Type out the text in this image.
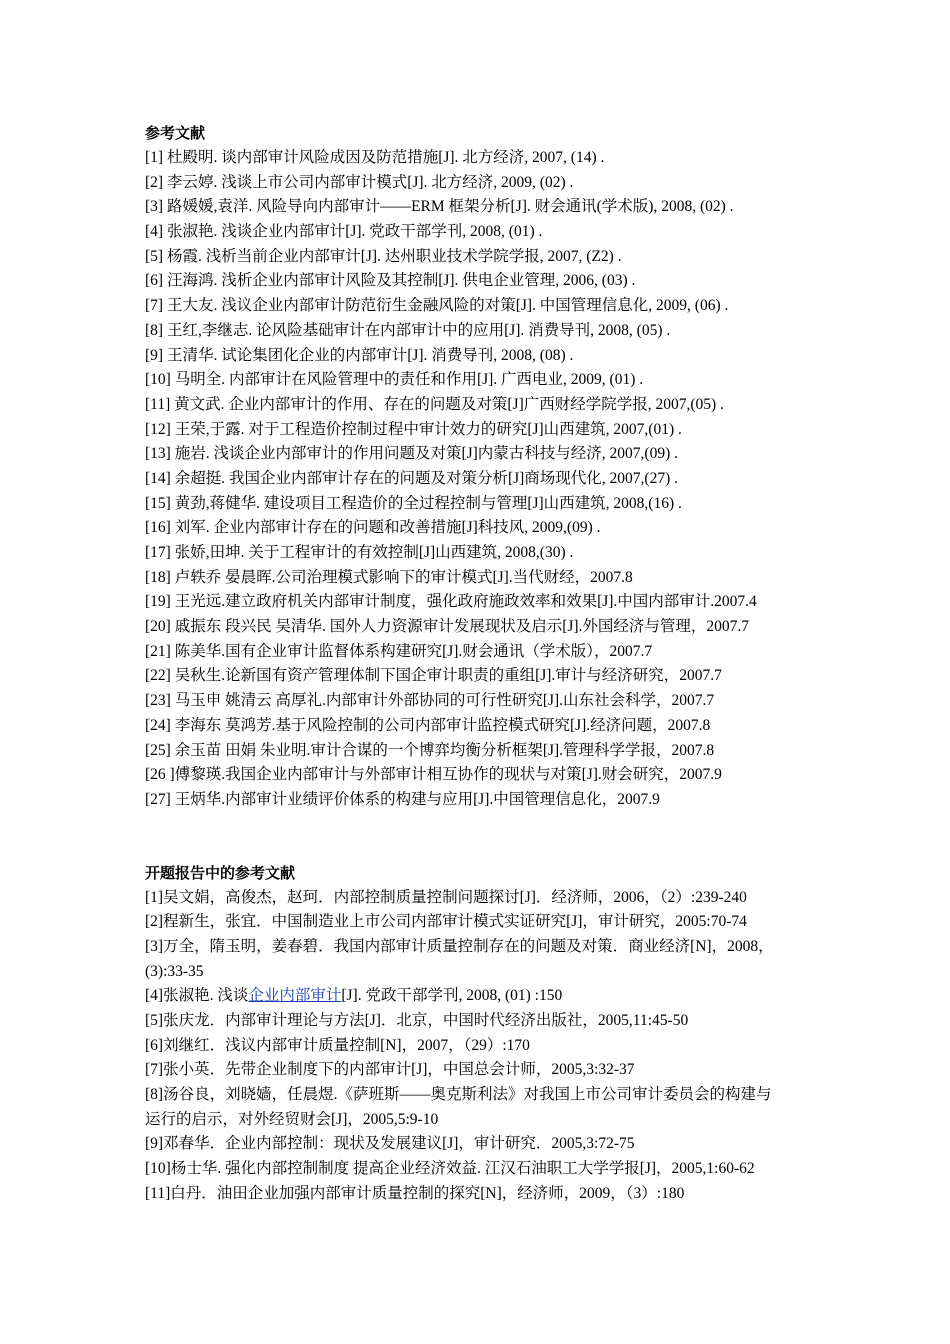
参考文献
[1] 杜殿明. 谈内部审计风险成因及防范措施[J]. 北方经济, 2007, (14) .
[2] 李云婷. 浅谈上市公司内部审计模式[J]. 北方经济, 2009, (02) .
[3] 路媛媛,袁洋. 风险导向内部审计——ERM 框架分析[J]. 财会通讯(学术版), 2008, (02) .
[4] 张淑艳. 浅谈企业内部审计[J]. 党政干部学刊, 2008, (01) .
[5] 杨霞. 浅析当前企业内部审计[J]. 达州职业技术学院学报, 2007, (Z2) .
[6] 汪海鸿. 浅析企业内部审计风险及其控制[J]. 供电企业管理, 2006, (03) .
[7] 王大友. 浅议企业内部审计防范衍生金融风险的对策[J]. 中国管理信息化, 2009, (06) .
[8] 王红,李继志. 论风险基础审计在内部审计中的应用[J]. 消费导刊, 2008, (05) .
[9] 王清华. 试论集团化企业的内部审计[J]. 消费导刊, 2008, (08) .
[10] 马明全. 内部审计在风险管理中的责任和作用[J]. 广西电业, 2009, (01) .
[11] 黄文武. 企业内部审计的作用、存在的问题及对策[J]广西财经学院学报, 2007,(05) .
[12] 王荣,于露. 对于工程造价控制过程中审计效力的研究[J]山西建筑, 2007,(01) .
[13] 施岩. 浅谈企业内部审计的作用问题及对策[J]内蒙古科技与经济, 2007,(09) .
[14] 余超挺. 我国企业内部审计存在的问题及对策分析[J]商场现代化, 2007,(27) .
[15] 黄劲,蒋健华. 建设项目工程造价的全过程控制与管理[J]山西建筑, 2008,(16) .
[16] 刘军. 企业内部审计存在的问题和改善措施[J]科技风, 2009,(09) .
[17] 张娇,田坤. 关于工程审计的有效控制[J]山西建筑, 2008,(30) .
[18] 卢轶乔 晏晨晖.公司治理模式影响下的审计模式[J].当代财经，2007.8
[19] 王光远.建立政府机关内部审计制度，强化政府施政效率和效果[J].中国内部审计.2007.4
[20] 戚振东 段兴民 吴清华. 国外人力资源审计发展现状及启示[J].外国经济与管理，2007.7
[21] 陈美华.国有企业审计监督体系构建研究[J].财会通讯（学术版），2007.7
[22] 吴秋生.论新国有资产管理体制下国企审计职责的重组[J].审计与经济研究，2007.7
[23] 马玉申 姚清云 高厚礼.内部审计外部协同的可行性研究[J].山东社会科学，2007.7
[24] 李海东 莫鸿芳.基于风险控制的公司内部审计监控模式研究[J].经济问题，2007.8
[25] 余玉苗 田娟 朱业明.审计合谋的一个博弈均衡分析框架[J].管理科学学报，2007.8
[26 ]傅黎瑛.我国企业内部审计与外部审计相互协作的现状与对策[J].财会研究，2007.9
[27] 王炳华.内部审计业绩评价体系的构建与应用[J].中国管理信息化，2007.9
开题报告中的参考文献
[1]吴文娟，高俊杰，赵珂．内部控制质量控制问题探讨[J]．经济师，2006，（2）:239-240
[2]程新生，张宜．中国制造业上市公司内部审计模式实证研究[J]，审计研究，2005:70-74
[3]万全，隋玉明，姜春碧．我国内部审计质量控制存在的问题及对策．商业经济[N]，2008，
(3):33-35
[4]张淑艳. 浅谈企业内部审计[J]. 党政干部学刊, 2008, (01) :150
[5]张庆龙．内部审计理论与方法[J]．北京，中国时代经济出版社，2005,11:45-50
[6]刘继红．浅议内部审计质量控制[N]，2007，（29）:170
[7]张小英．先带企业制度下的内部审计[J]，中国总会计师，2005,3:32-37
[8]汤谷良，刘晓嫱，任晨煜.《萨班斯——奥克斯利法》对我国上市公司审计委员会的构建与
运行的启示，对外经贸财会[J]，2005,5:9-10
[9]邓春华．企业内部控制：现状及发展建议[J]，审计研究．2005,3:72-75
[10]杨士华. 强化内部控制制度 提高企业经济效益. 江汉石油职工大学学报[J]，2005,1:60-62
[11]白丹．油田企业加强内部审计质量控制的探究[N]，经济师，2009，（3）:180
